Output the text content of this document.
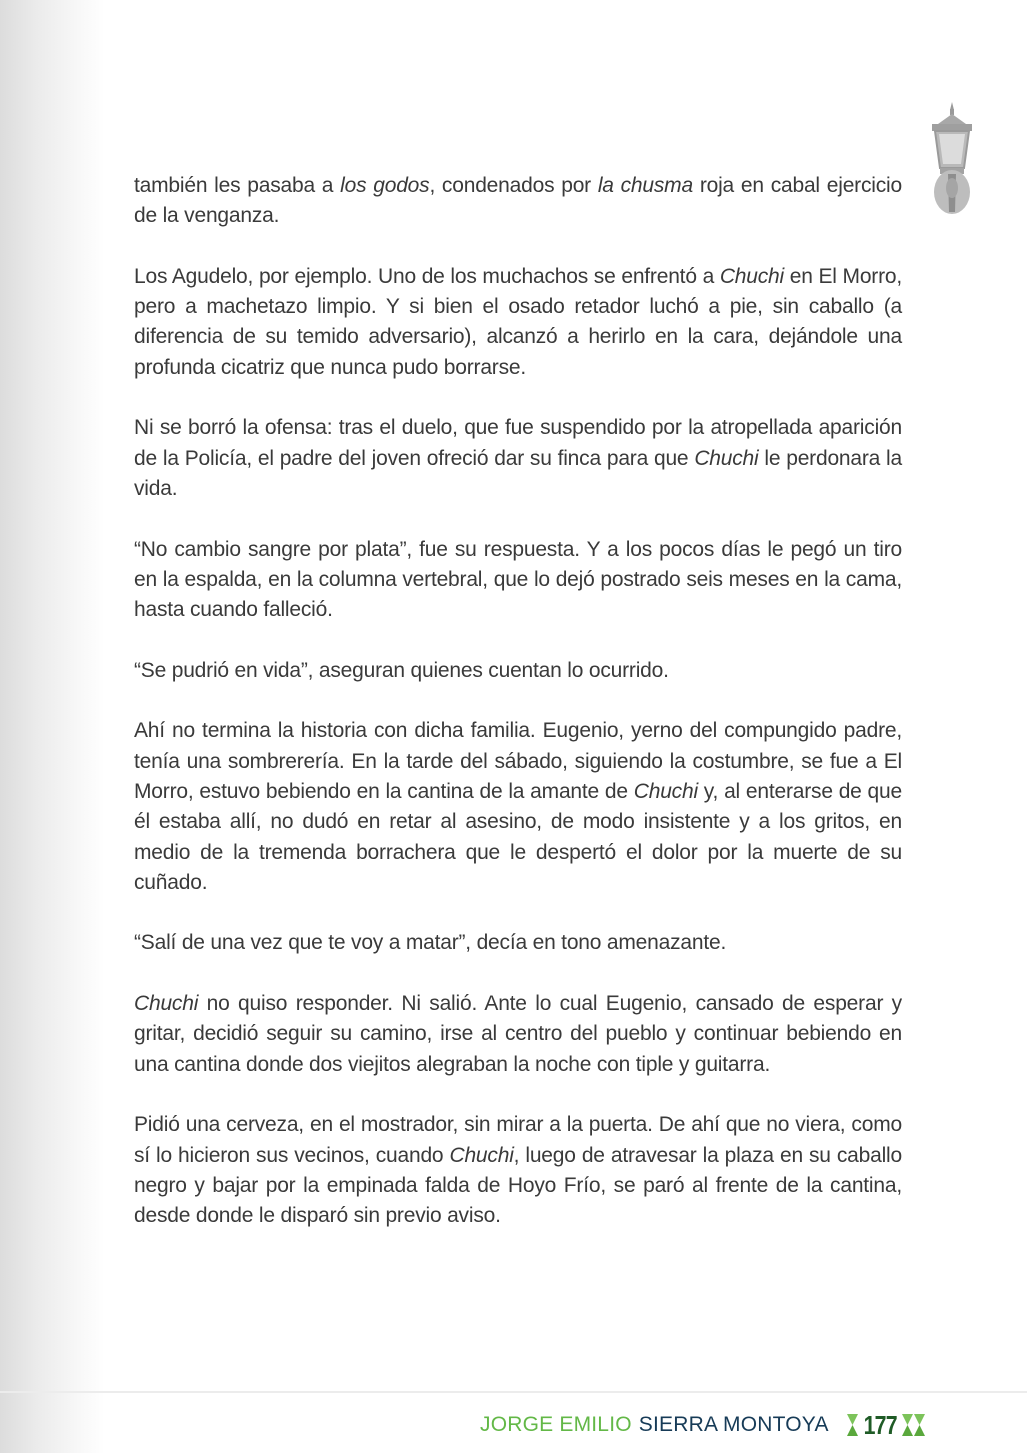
también les pasaba a los godos, condenados por la chusma roja en cabal ejercicio de la venganza.

Los Agudelo, por ejemplo. Uno de los muchachos se enfrentó a Chuchi en El Morro, pero a machetazo limpio. Y si bien el osado retador luchó a pie, sin caballo (a diferencia de su temido adversario), alcanzó a herirlo en la cara, dejándole una profunda cicatriz que nunca pudo borrarse.

Ni se borró la ofensa: tras el duelo, que fue suspendido por la atropellada aparición de la Policía, el padre del joven ofreció dar su finca para que Chuchi le perdonara la vida.

“No cambio sangre por plata”, fue su respuesta. Y a los pocos días le pegó un tiro en la espalda, en la columna vertebral, que lo dejó postrado seis meses en la cama, hasta cuando falleció.

“Se pudrió en vida”, aseguran quienes cuentan lo ocurrido.

Ahí no termina la historia con dicha familia. Eugenio, yerno del compungido padre, tenía una sombrerería. En la tarde del sábado, siguiendo la costumbre, se fue a El Morro, estuvo bebiendo en la cantina de la amante de Chuchi y, al enterarse de que él estaba allí, no dudó en retar al asesino, de modo insistente y a los gritos, en medio de la tremenda borrachera que le despertó el dolor por la muerte de su cuñado.

“Salí de una vez que te voy a matar”, decía en tono amenazante.

Chuchi no quiso responder. Ni salió. Ante lo cual Eugenio, cansado de esperar y gritar, decidió seguir su camino, irse al centro del pueblo y continuar bebiendo en una cantina donde dos viejitos alegraban la noche con tiple y guitarra.

Pidió una cerveza, en el mostrador, sin mirar a la puerta. De ahí que no viera, como sí lo hicieron sus vecinos, cuando Chuchi, luego de atravesar la plaza en su caballo negro y bajar por la empinada falda de Hoyo Frío, se paró al frente de la cantina, desde donde le disparó sin previo aviso.

JORGE EMILIO SIERRA MONTOYA 177
